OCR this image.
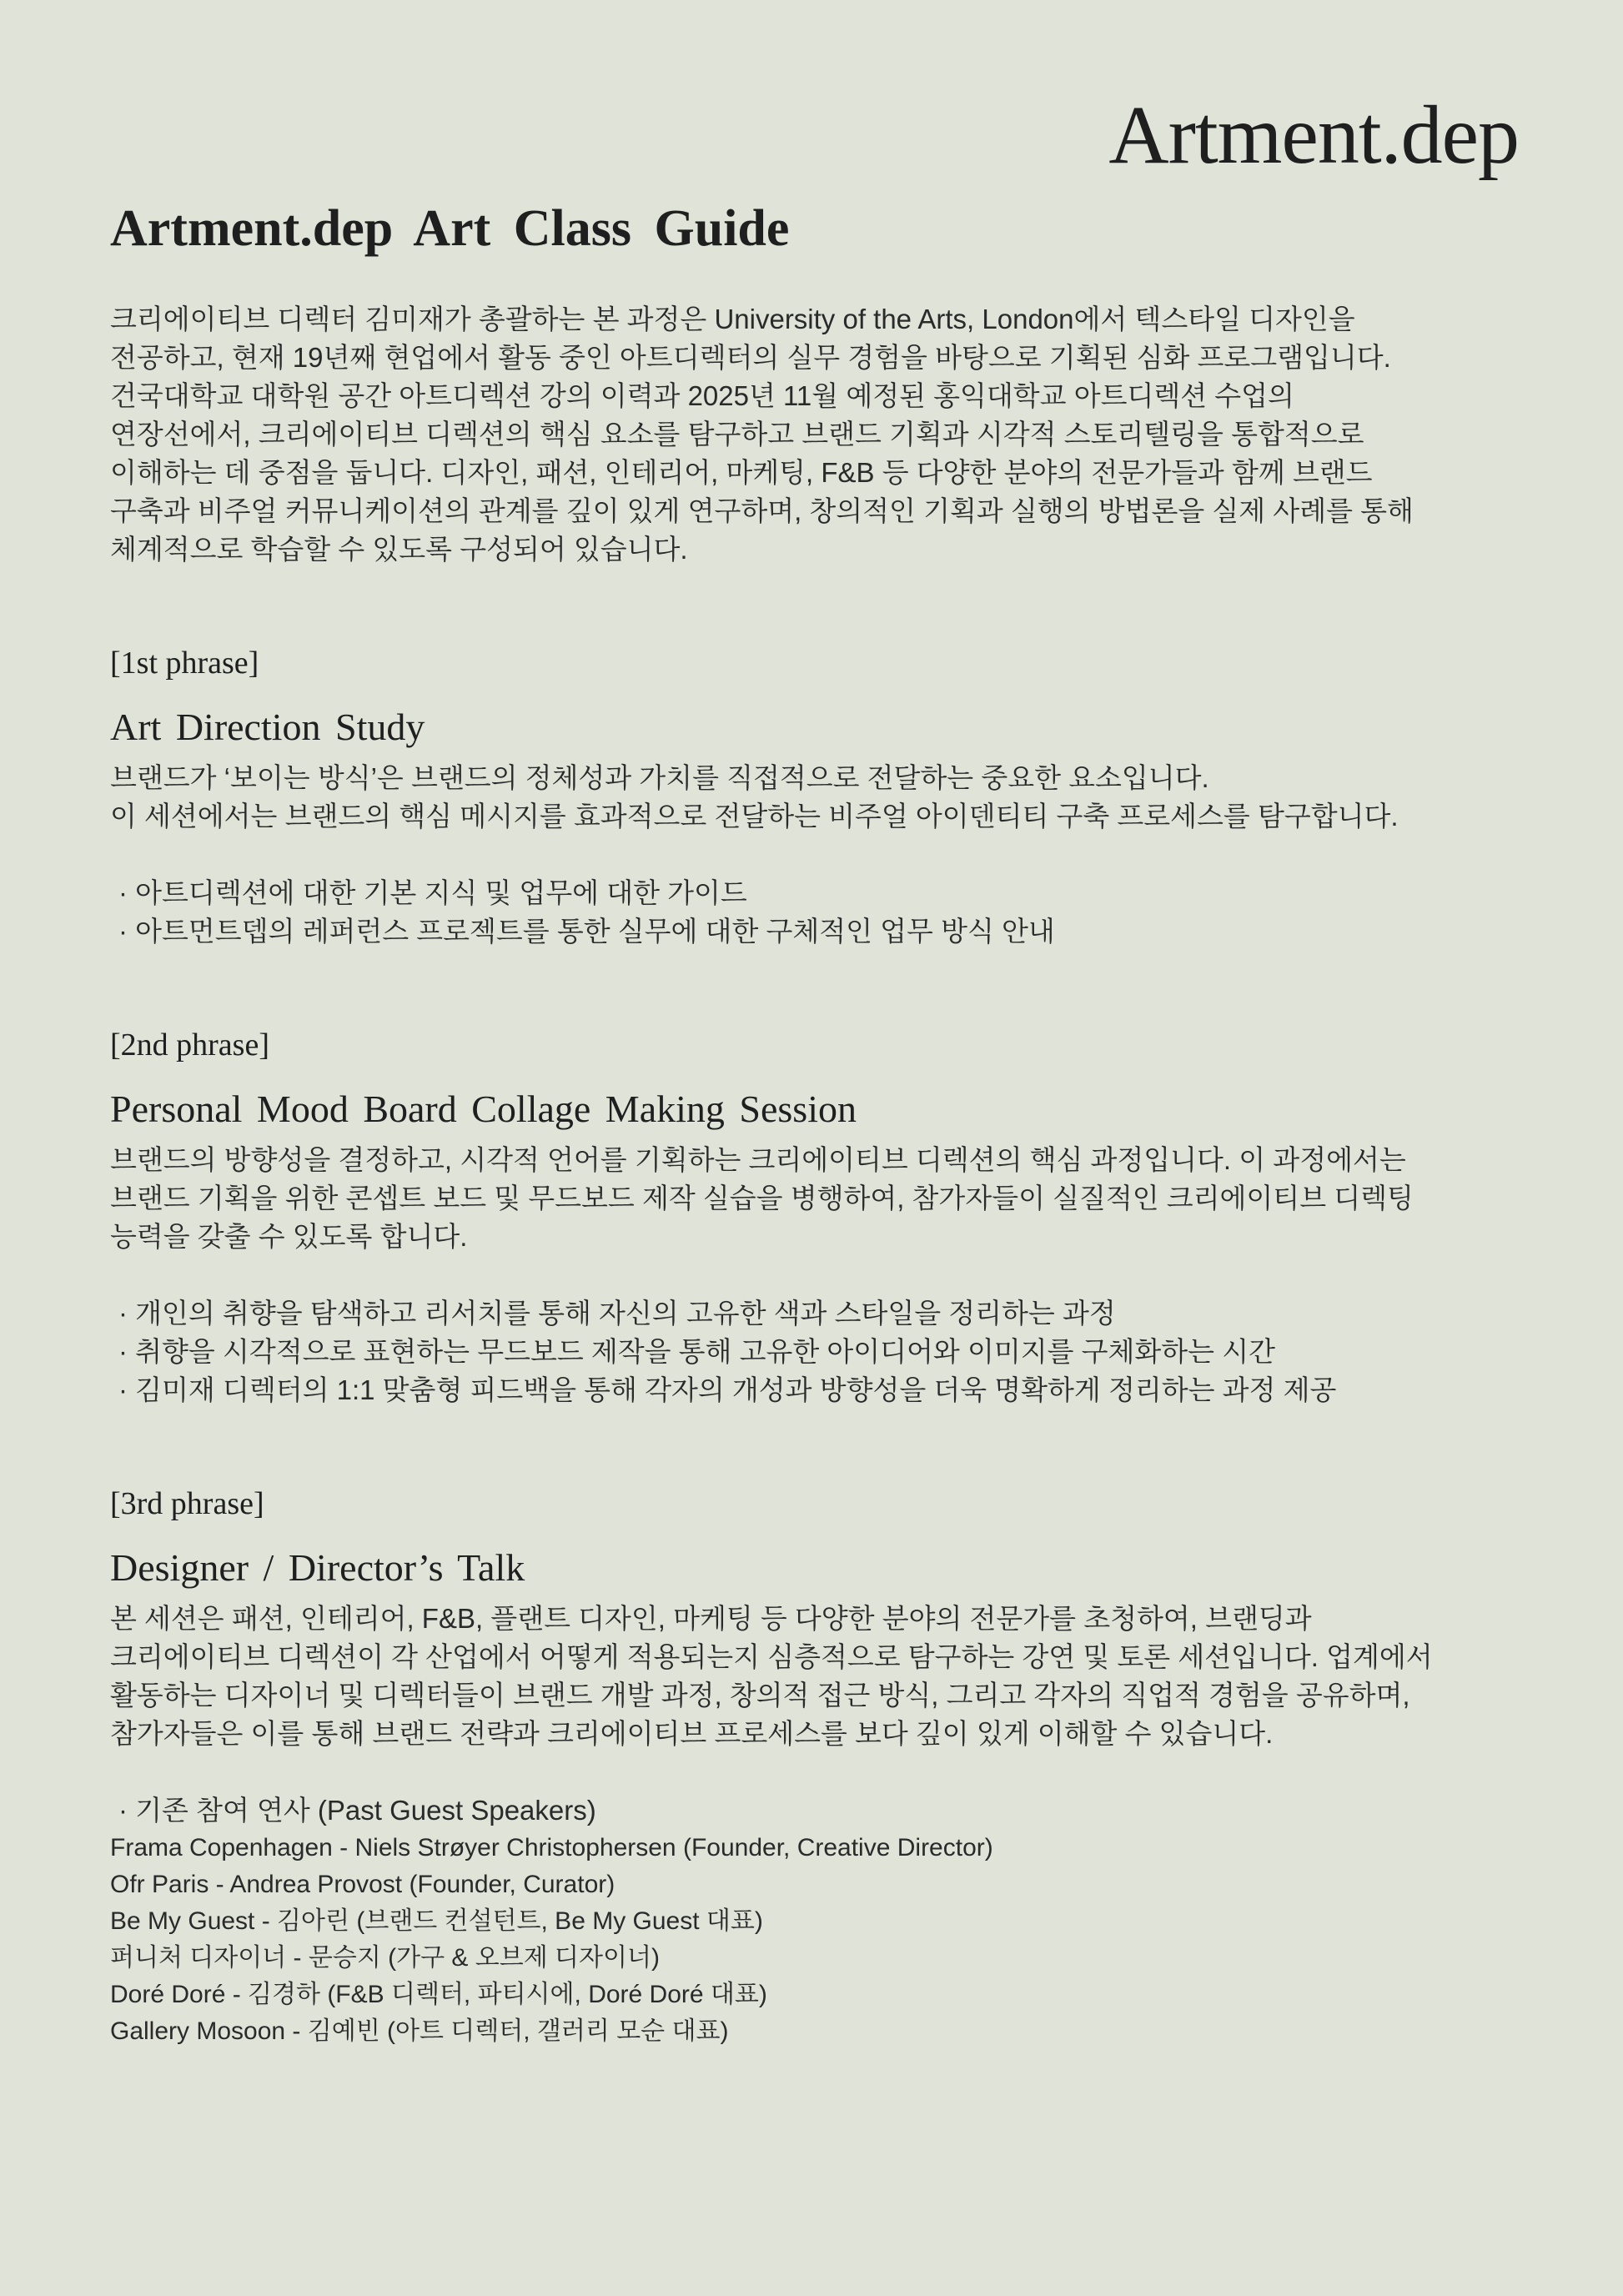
Artment.dep
Artment.dep Art Class Guide
크리에이티브 디렉터 김미재가 총괄하는 본 과정은 University of the Arts, London에서 텍스타일 디자인을
전공하고, 현재 19년째 현업에서 활동 중인 아트디렉터의 실무 경험을 바탕으로 기획된 심화 프로그램입니다.
건국대학교 대학원 공간 아트디렉션 강의 이력과 2025년 11월 예정된 홍익대학교 아트디렉션 수업의
연장선에서, 크리에이티브 디렉션의 핵심 요소를 탐구하고 브랜드 기획과 시각적 스토리텔링을 통합적으로
이해하는 데 중점을 둡니다. 디자인, 패션, 인테리어, 마케팅, F&B 등 다양한 분야의 전문가들과 함께 브랜드
구축과 비주얼 커뮤니케이션의 관계를 깊이 있게 연구하며, 창의적인 기획과 실행의 방법론을 실제 사례를 통해
체계적으로 학습할 수 있도록 구성되어 있습니다.
[1st phrase]
Art Direction Study
브랜드가 ‘보이는 방식’은 브랜드의 정체성과 가치를 직접적으로 전달하는 중요한 요소입니다.
이 세션에서는 브랜드의 핵심 메시지를 효과적으로 전달하는 비주얼 아이덴티티 구축 프로세스를 탐구합니다.
· 아트디렉션에 대한 기본 지식 및 업무에 대한 가이드
· 아트먼트뎁의 레퍼런스 프로젝트를 통한 실무에 대한 구체적인 업무 방식 안내
[2nd phrase]
Personal Mood Board Collage Making Session
브랜드의 방향성을 결정하고, 시각적 언어를 기획하는 크리에이티브 디렉션의 핵심 과정입니다. 이 과정에서는
브랜드 기획을 위한 콘셉트 보드 및 무드보드 제작 실습을 병행하여, 참가자들이 실질적인 크리에이티브 디렉팅
능력을 갖출 수 있도록 합니다.
· 개인의 취향을 탐색하고 리서치를 통해 자신의 고유한 색과 스타일을 정리하는 과정
· 취향을 시각적으로 표현하는 무드보드 제작을 통해 고유한 아이디어와 이미지를 구체화하는 시간
· 김미재 디렉터의 1:1 맞춤형 피드백을 통해 각자의 개성과 방향성을 더욱 명확하게 정리하는 과정 제공
[3rd phrase]
Designer / Director’s Talk
본 세션은 패션, 인테리어, F&B, 플랜트 디자인, 마케팅 등 다양한 분야의 전문가를 초청하여, 브랜딩과
크리에이티브 디렉션이 각 산업에서 어떻게 적용되는지 심층적으로 탐구하는 강연 및 토론 세션입니다. 업계에서
활동하는 디자이너 및 디렉터들이 브랜드 개발 과정, 창의적 접근 방식, 그리고 각자의 직업적 경험을 공유하며,
참가자들은 이를 통해 브랜드 전략과 크리에이티브 프로세스를 보다 깊이 있게 이해할 수 있습니다.
· 기존 참여 연사 (Past Guest Speakers)
Frama Copenhagen - Niels Strøyer Christophersen (Founder, Creative Director)
Ofr Paris - Andrea Provost (Founder, Curator)
Be My Guest - 김아린 (브랜드 컨설턴트, Be My Guest 대표)
퍼니처 디자이너 - 문승지 (가구 & 오브제 디자이너)
Doré Doré - 김경하 (F&B 디렉터, 파티시에, Doré Doré 대표)
Gallery Mosoon - 김예빈 (아트 디렉터, 갤러리 모순 대표)
